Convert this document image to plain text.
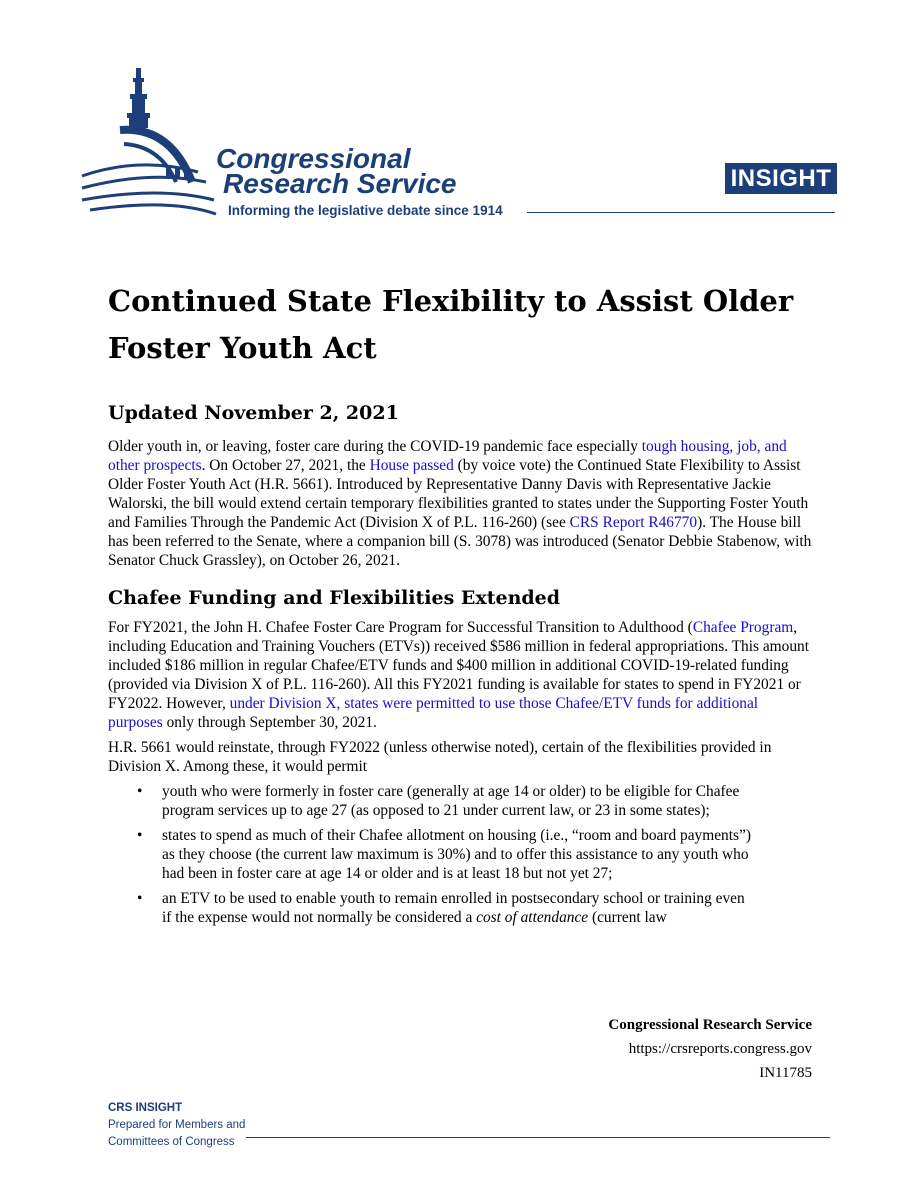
Congressional
Research Service
Informing the legislative debate since 1914
INSIGHT
Continued State Flexibility to Assist Older Foster Youth Act
Updated November 2, 2021

Older youth in, or leaving, foster care during the COVID-19 pandemic face especially tough housing, job, and other prospects. On October 27, 2021, the House passed (by voice vote) the Continued State Flexibility to Assist Older Foster Youth Act (H.R. 5661). Introduced by Representative Danny Davis with Representative Jackie Walorski, the bill would extend certain temporary flexibilities granted to states under the Supporting Foster Youth and Families Through the Pandemic Act (Division X of P.L. 116-260) (see CRS Report R46770). The House bill has been referred to the Senate, where a companion bill (S. 3078) was introduced (Senator Debbie Stabenow, with Senator Chuck Grassley), on October 26, 2021.

Chafee Funding and Flexibilities Extended

For FY2021, the John H. Chafee Foster Care Program for Successful Transition to Adulthood (Chafee Program, including Education and Training Vouchers (ETVs)) received $586 million in federal appropriations. This amount included $186 million in regular Chafee/ETV funds and $400 million in additional COVID-19-related funding (provided via Division X of P.L. 116-260). All this FY2021 funding is available for states to spend in FY2021 or FY2022. However, under Division X, states were permitted to use those Chafee/ETV funds for additional purposes only through September 30, 2021.

H.R. 5661 would reinstate, through FY2022 (unless otherwise noted), certain of the flexibilities provided in Division X. Among these, it would permit

• youth who were formerly in foster care (generally at age 14 or older) to be eligible for Chafee program services up to age 27 (as opposed to 21 under current law, or 23 in some states);
• states to spend as much of their Chafee allotment on housing (i.e., “room and board payments”) as they choose (the current law maximum is 30%) and to offer this assistance to any youth who had been in foster care at age 14 or older and is at least 18 but not yet 27;
• an ETV to be used to enable youth to remain enrolled in postsecondary school or training even if the expense would not normally be considered a cost of attendance (current law
Congressional Research Service
https://crsreports.congress.gov
IN11785
CRS INSIGHT
Prepared for Members and
Committees of Congress
